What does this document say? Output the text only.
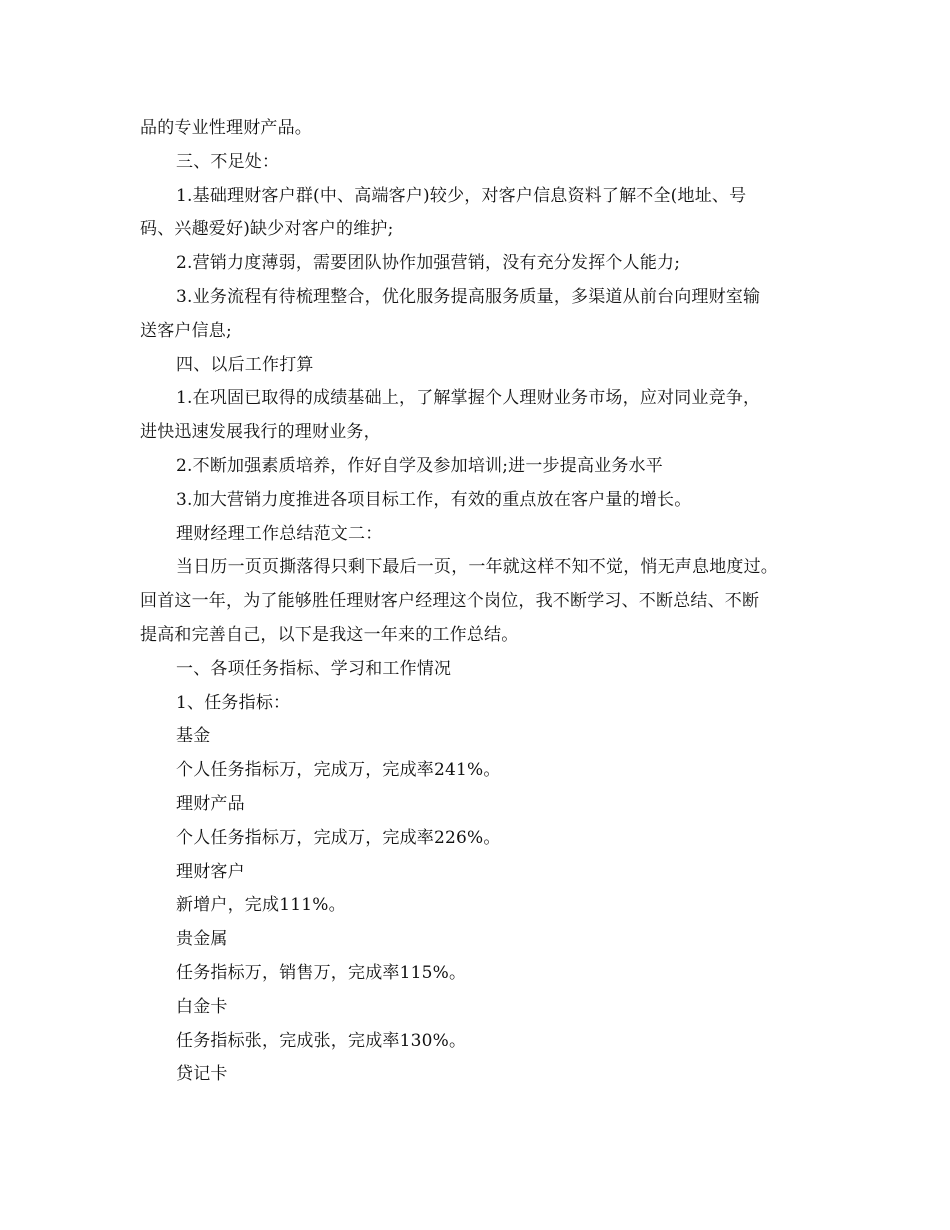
品的专业性理财产品。
三、不足处：
1.基础理财客户群(中、高端客户)较少，对客户信息资料了解不全(地址、号
码、兴趣爱好)缺少对客户的维护;
2.营销力度薄弱，需要团队协作加强营销，没有充分发挥个人能力;
3.业务流程有待梳理整合，优化服务提高服务质量，多渠道从前台向理财室输
送客户信息;
四、以后工作打算
1.在巩固已取得的成绩基础上，了解掌握个人理财业务市场，应对同业竞争，
进快迅速发展我行的理财业务，
2.不断加强素质培养，作好自学及参加培训;进一步提高业务水平
3.加大营销力度推进各项目标工作，有效的重点放在客户量的增长。
理财经理工作总结范文二：
当日历一页页撕落得只剩下最后一页，一年就这样不知不觉，悄无声息地度过。
回首这一年，为了能够胜任理财客户经理这个岗位，我不断学习、不断总结、不断
提高和完善自己，以下是我这一年来的工作总结。
一、各项任务指标、学习和工作情况
1、任务指标：
基金
个人任务指标万，完成万，完成率241%。
理财产品
个人任务指标万，完成万，完成率226%。
理财客户
新增户，完成111%。
贵金属
任务指标万，销售万，完成率115%。
白金卡
任务指标张，完成张，完成率130%。
贷记卡
